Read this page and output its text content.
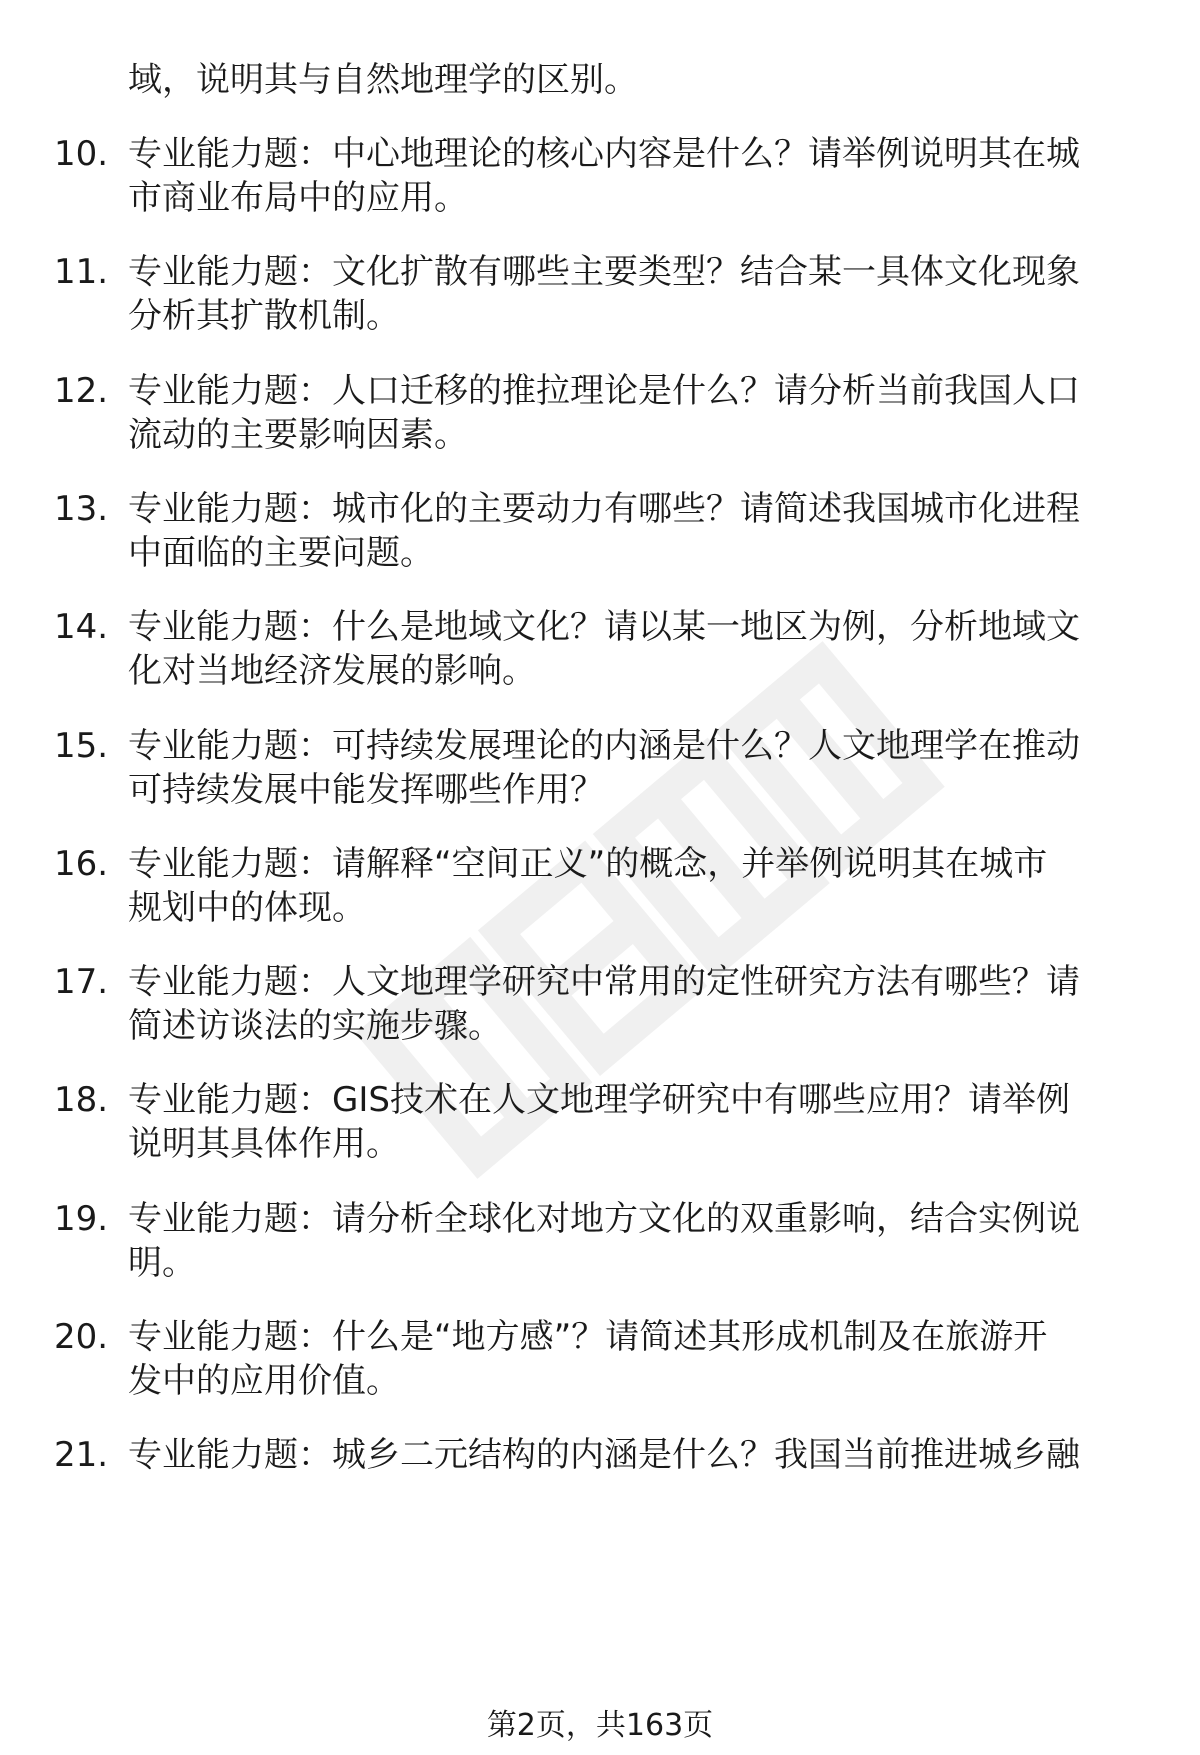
域，说明其与自然地理学的区别。
10. 专业能力题：中心地理论的核心内容是什么？请举例说明其在城
市商业布局中的应用。
11. 专业能力题：文化扩散有哪些主要类型？结合某一具体文化现象
分析其扩散机制。
12. 专业能力题：人口迁移的推拉理论是什么？请分析当前我国人口
流动的主要影响因素。
13. 专业能力题：城市化的主要动力有哪些？请简述我国城市化进程
中面临的主要问题。
14. 专业能力题：什么是地域文化？请以某一地区为例，分析地域文
化对当地经济发展的影响。
15. 专业能力题：可持续发展理论的内涵是什么？人文地理学在推动
可持续发展中能发挥哪些作用？
16. 专业能力题：请解释“空间正义”的概念，并举例说明其在城市
规划中的体现。
17. 专业能力题：人文地理学研究中常用的定性研究方法有哪些？请
简述访谈法的实施步骤。
18. 专业能力题：GIS技术在人文地理学研究中有哪些应用？请举例
说明其具体作用。
19. 专业能力题：请分析全球化对地方文化的双重影响，结合实例说
明。
20. 专业能力题：什么是“地方感”？请简述其形成机制及在旅游开
发中的应用价值。
21. 专业能力题：城乡二元结构的内涵是什么？我国当前推进城乡融
第2页，共163页
